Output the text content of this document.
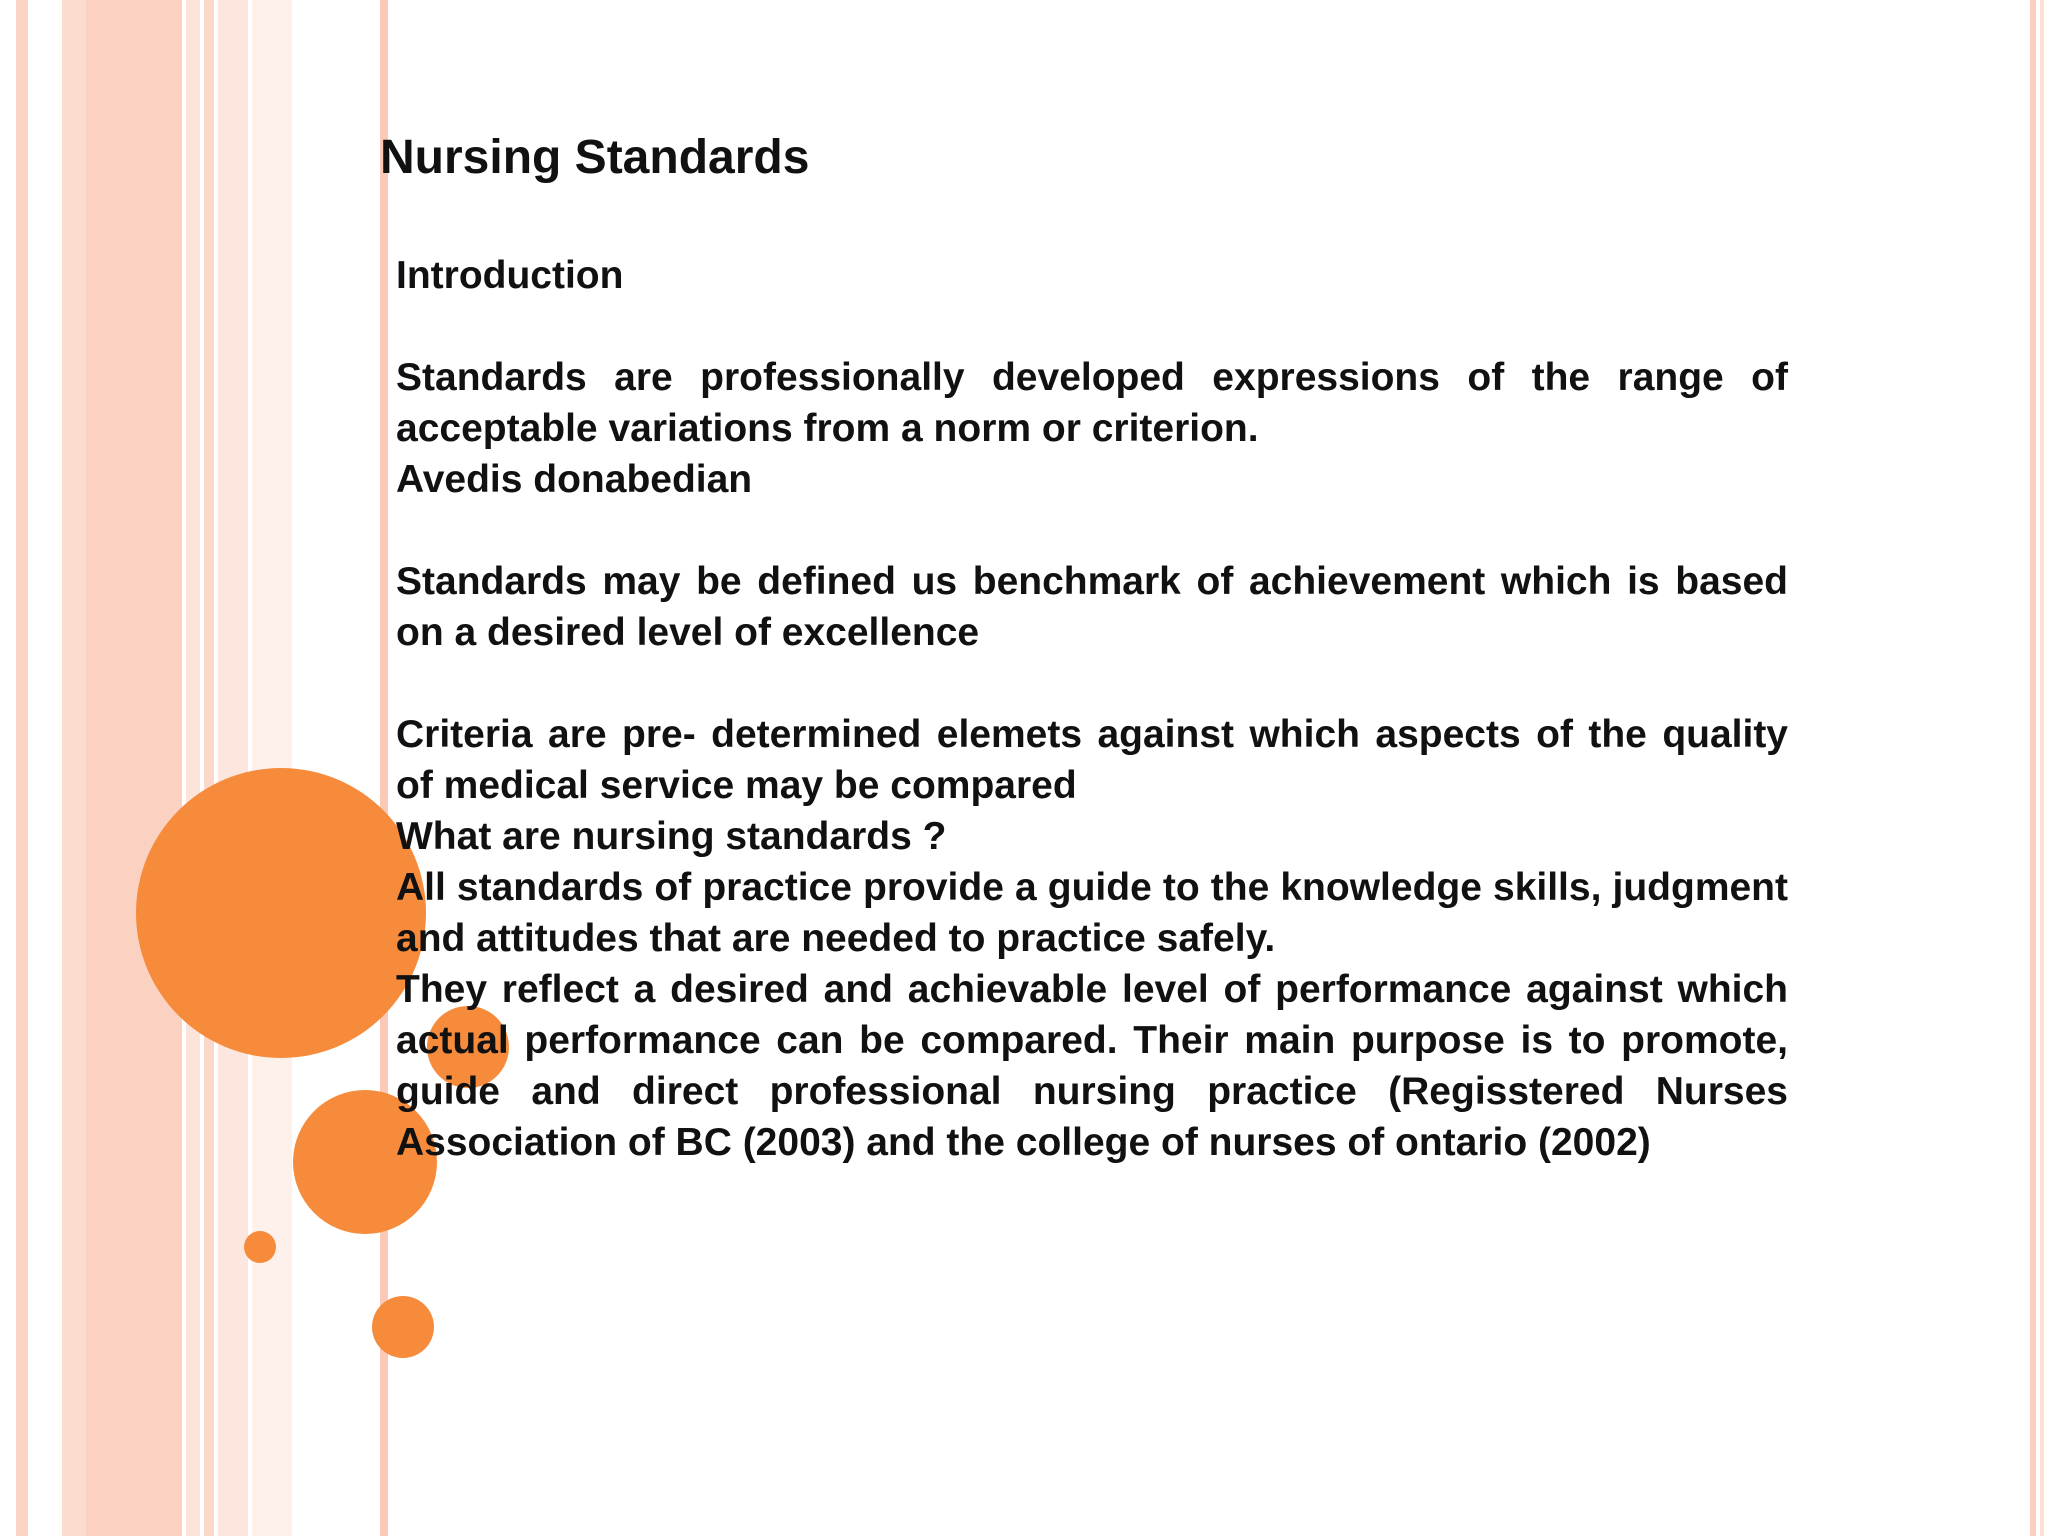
Nursing Standards

Introduction

Standards are professionally developed expressions of the range of acceptable variations from a norm or criterion.

Avedis donabedian

Standards may be defined us benchmark of achievement which is based on a desired level of excellence

Criteria are pre- determined elemets against which aspects of the quality of medical service may be compared

What are nursing standards ?

All standards of practice provide a guide to the knowledge skills, judgment and attitudes that are needed to practice safely.

They reflect a desired and achievable level of performance against which actual performance can be compared. Their main purpose is to promote, guide and direct professional nursing practice (Regisstered Nurses Association of BC (2003) and the college of nurses of ontario (2002)
